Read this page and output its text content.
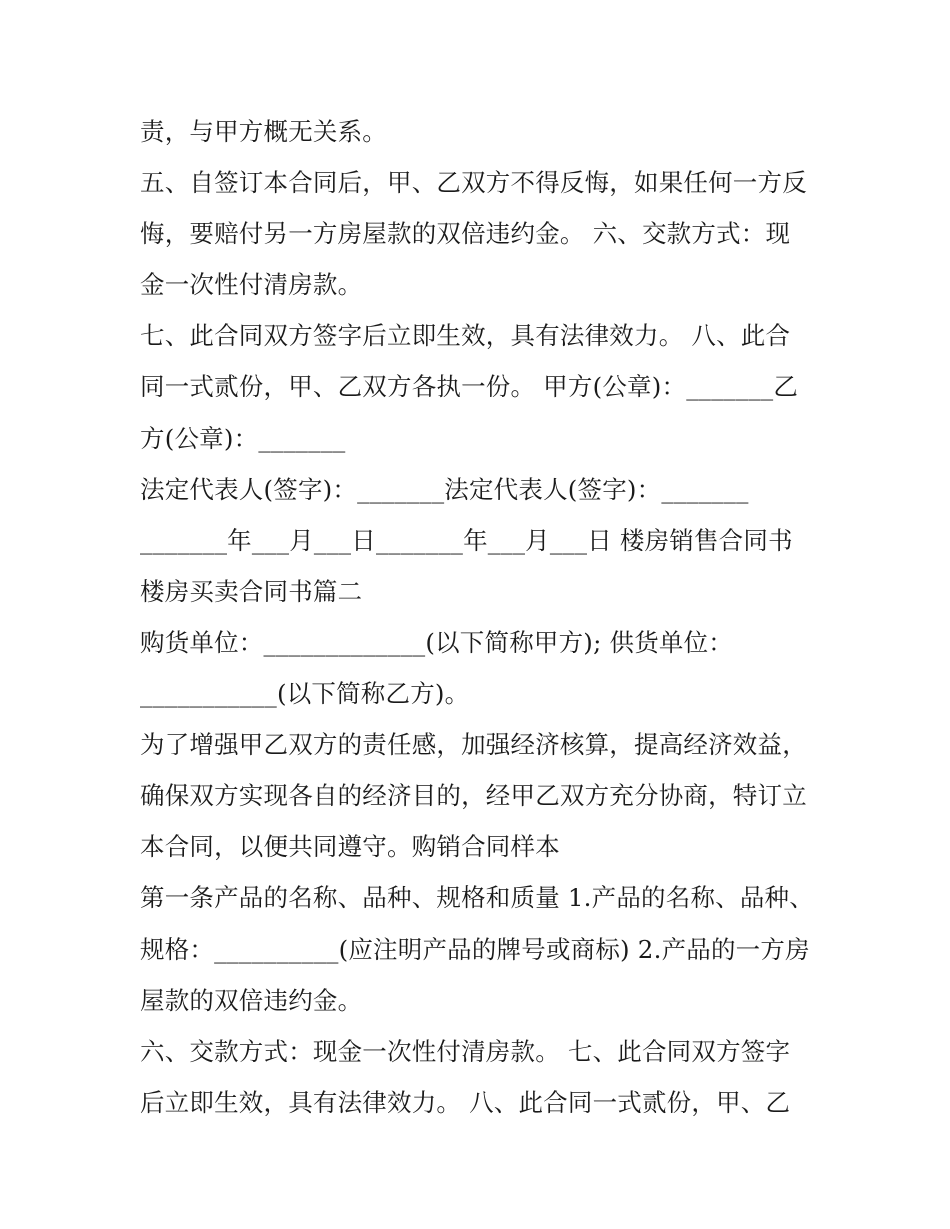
责，与甲方概无关系。
五、自签订本合同后，甲、乙双方不得反悔，如果任何一方反
悔，要赔付另一方房屋款的双倍违约金。 六、交款方式：现
金一次性付清房款。
七、此合同双方签字后立即生效，具有法律效力。 八、此合
同一式贰份，甲、乙双方各执一份。 甲方(公章)：_______乙
方(公章)：_______
法定代表人(签字)：_______法定代表人(签字)：_______
_______年___月___日_______年___月___日 楼房销售合同书
楼房买卖合同书篇二
购货单位：_____________(以下简称甲方); 供货单位：
___________(以下简称乙方)。
为了增强甲乙双方的责任感，加强经济核算，提高经济效益，
确保双方实现各自的经济目的，经甲乙双方充分协商，特订立
本合同，以便共同遵守。购销合同样本
第一条产品的名称、品种、规格和质量 1.产品的名称、品种、
规格：__________(应注明产品的牌号或商标) 2.产品的一方房
屋款的双倍违约金。
六、交款方式：现金一次性付清房款。 七、此合同双方签字
后立即生效，具有法律效力。 八、此合同一式贰份，甲、乙
